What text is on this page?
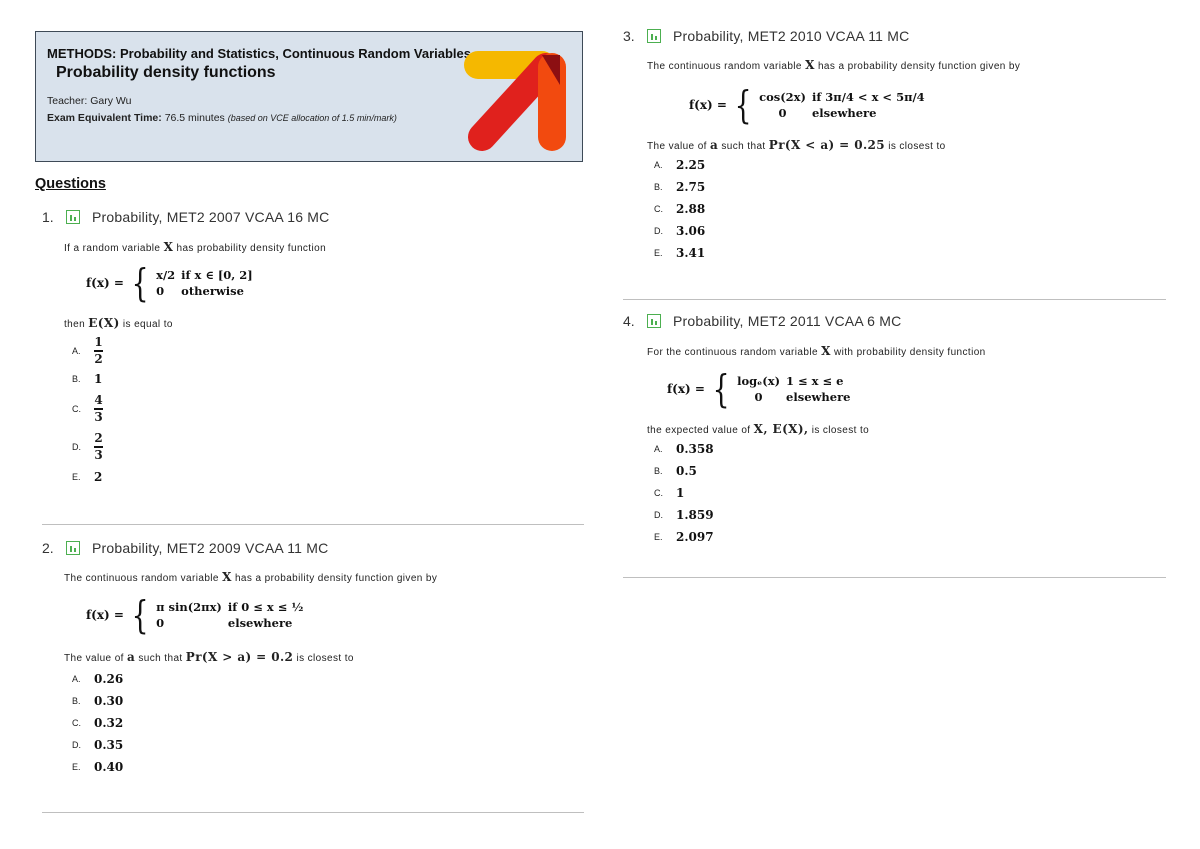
METHODS: Probability and Statistics, Continuous Random Variables
Probability density functions
Teacher: Gary Wu
Exam Equivalent Time: 76.5 minutes (based on VCE allocation of 1.5 min/mark)
Questions
1.	Probability, MET2 2007 VCAA 16 MC
If a random variable X has probability density function
f(x) = { x/2	if x ∈ [0, 2]
0	otherwise
then E(X) is equal to
A.	$\frac{1}{2}$
B.	1
C.	$\frac{4}{3}$
D.	$\frac{2}{3}$
E.	2
2.	Probability, MET2 2009 VCAA 11 MC
The continuous random variable X has a probability density function given by
f(x) = { π sin(2πx)	if 0 ≤ x ≤ ½
0	elsewhere
The value of a such that Pr(X > a) = 0.2 is closest to
A.	0.26
B.	0.30
C.	0.32
D.	0.35
E.	0.40
3.	Probability, MET2 2010 VCAA 11 MC
The continuous random variable X has a probability density function given by
f(x) = { cos(2x)	if 3π/4 < x < 5π/4
0	elsewhere
The value of a such that Pr(X < a) = 0.25 is closest to
A.	2.25
B.	2.75
C.	2.88
D.	3.06
E.	3.41
4.	Probability, MET2 2011 VCAA 6 MC
For the continuous random variable X with probability density function
f(x) = { logₑ(x)	1 ≤ x ≤ e
0	elsewhere
the expected value of X, E(X), is closest to
A.	0.358
B.	0.5
C.	1
D.	1.859
E.	2.097
